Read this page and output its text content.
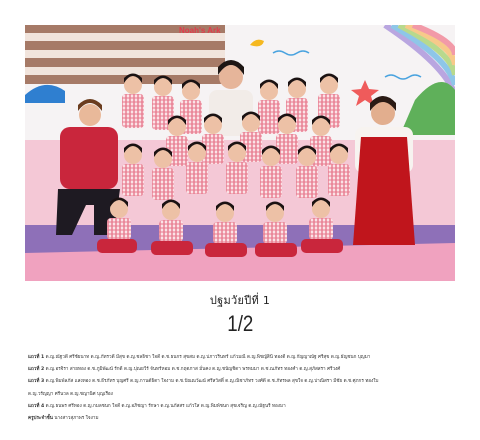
Noah's Ark
ปฐมวัยปีที่ 1
1/2
แถวที่ 1 ด.ญ.ณัฐวดี ศรีชัยนาท ด.ญ.ภัทรวดี มีสุข ด.ญ.ชลธิชา ใจดี ด.ช.ธนกร สุขสม ด.ญ.ปภาวรินทร์ แก้วมณี ด.ญ.พิชญ์สินี ทองดี ด.ญ.กัญญาณัฐ ศรีสุข ด.ญ.ธัญชนก บุญมา
แถวที่ 2 ด.ญ.อรจิรา สายทอง ด.ช.ภูมิพัฒน์ รักดี ด.ญ.ปุณยวีร์ จันทร์หอม ด.ช.กฤตภาส มั่นคง ด.ญ.ชนัญชิดา พรหมมา ด.ช.ณภัทร ทองคำ ด.ญ.สุภัสสรา ศรีวงศ์
แถวที่ 3 ด.ญ.พิมพ์ลภัส แสงทอง ด.ช.ธีรภัทร บุญศรี ด.ญ.กานต์ธิดา ใจงาม ด.ช.ปัณณวัฒน์ ศรีสวัสดิ์ ด.ญ.ณิชาภัทร วงศ์ดี ด.ช.ภัทรพล สุขใจ ด.ญ.ปาณิสรา มีชัย ด.ช.ศุภกร ทองใบ
ด.ญ.วรัญญา ศรีนวล ด.ญ.ชญานิศ บุญเรือง
แถวที่ 4 ด.ญ.ธนพร ศรีทอง ด.ญ.กมลชนก ใจดี ด.ญ.อภิชญา รักษา ด.ญ.นภัสสร แก้วใส ด.ญ.พิมพ์ชนก สุขเจริญ ด.ญ.ณัฐนรี ทองมา
ครูประจำชั้น นางสาวสุภาพร ใจงาม
